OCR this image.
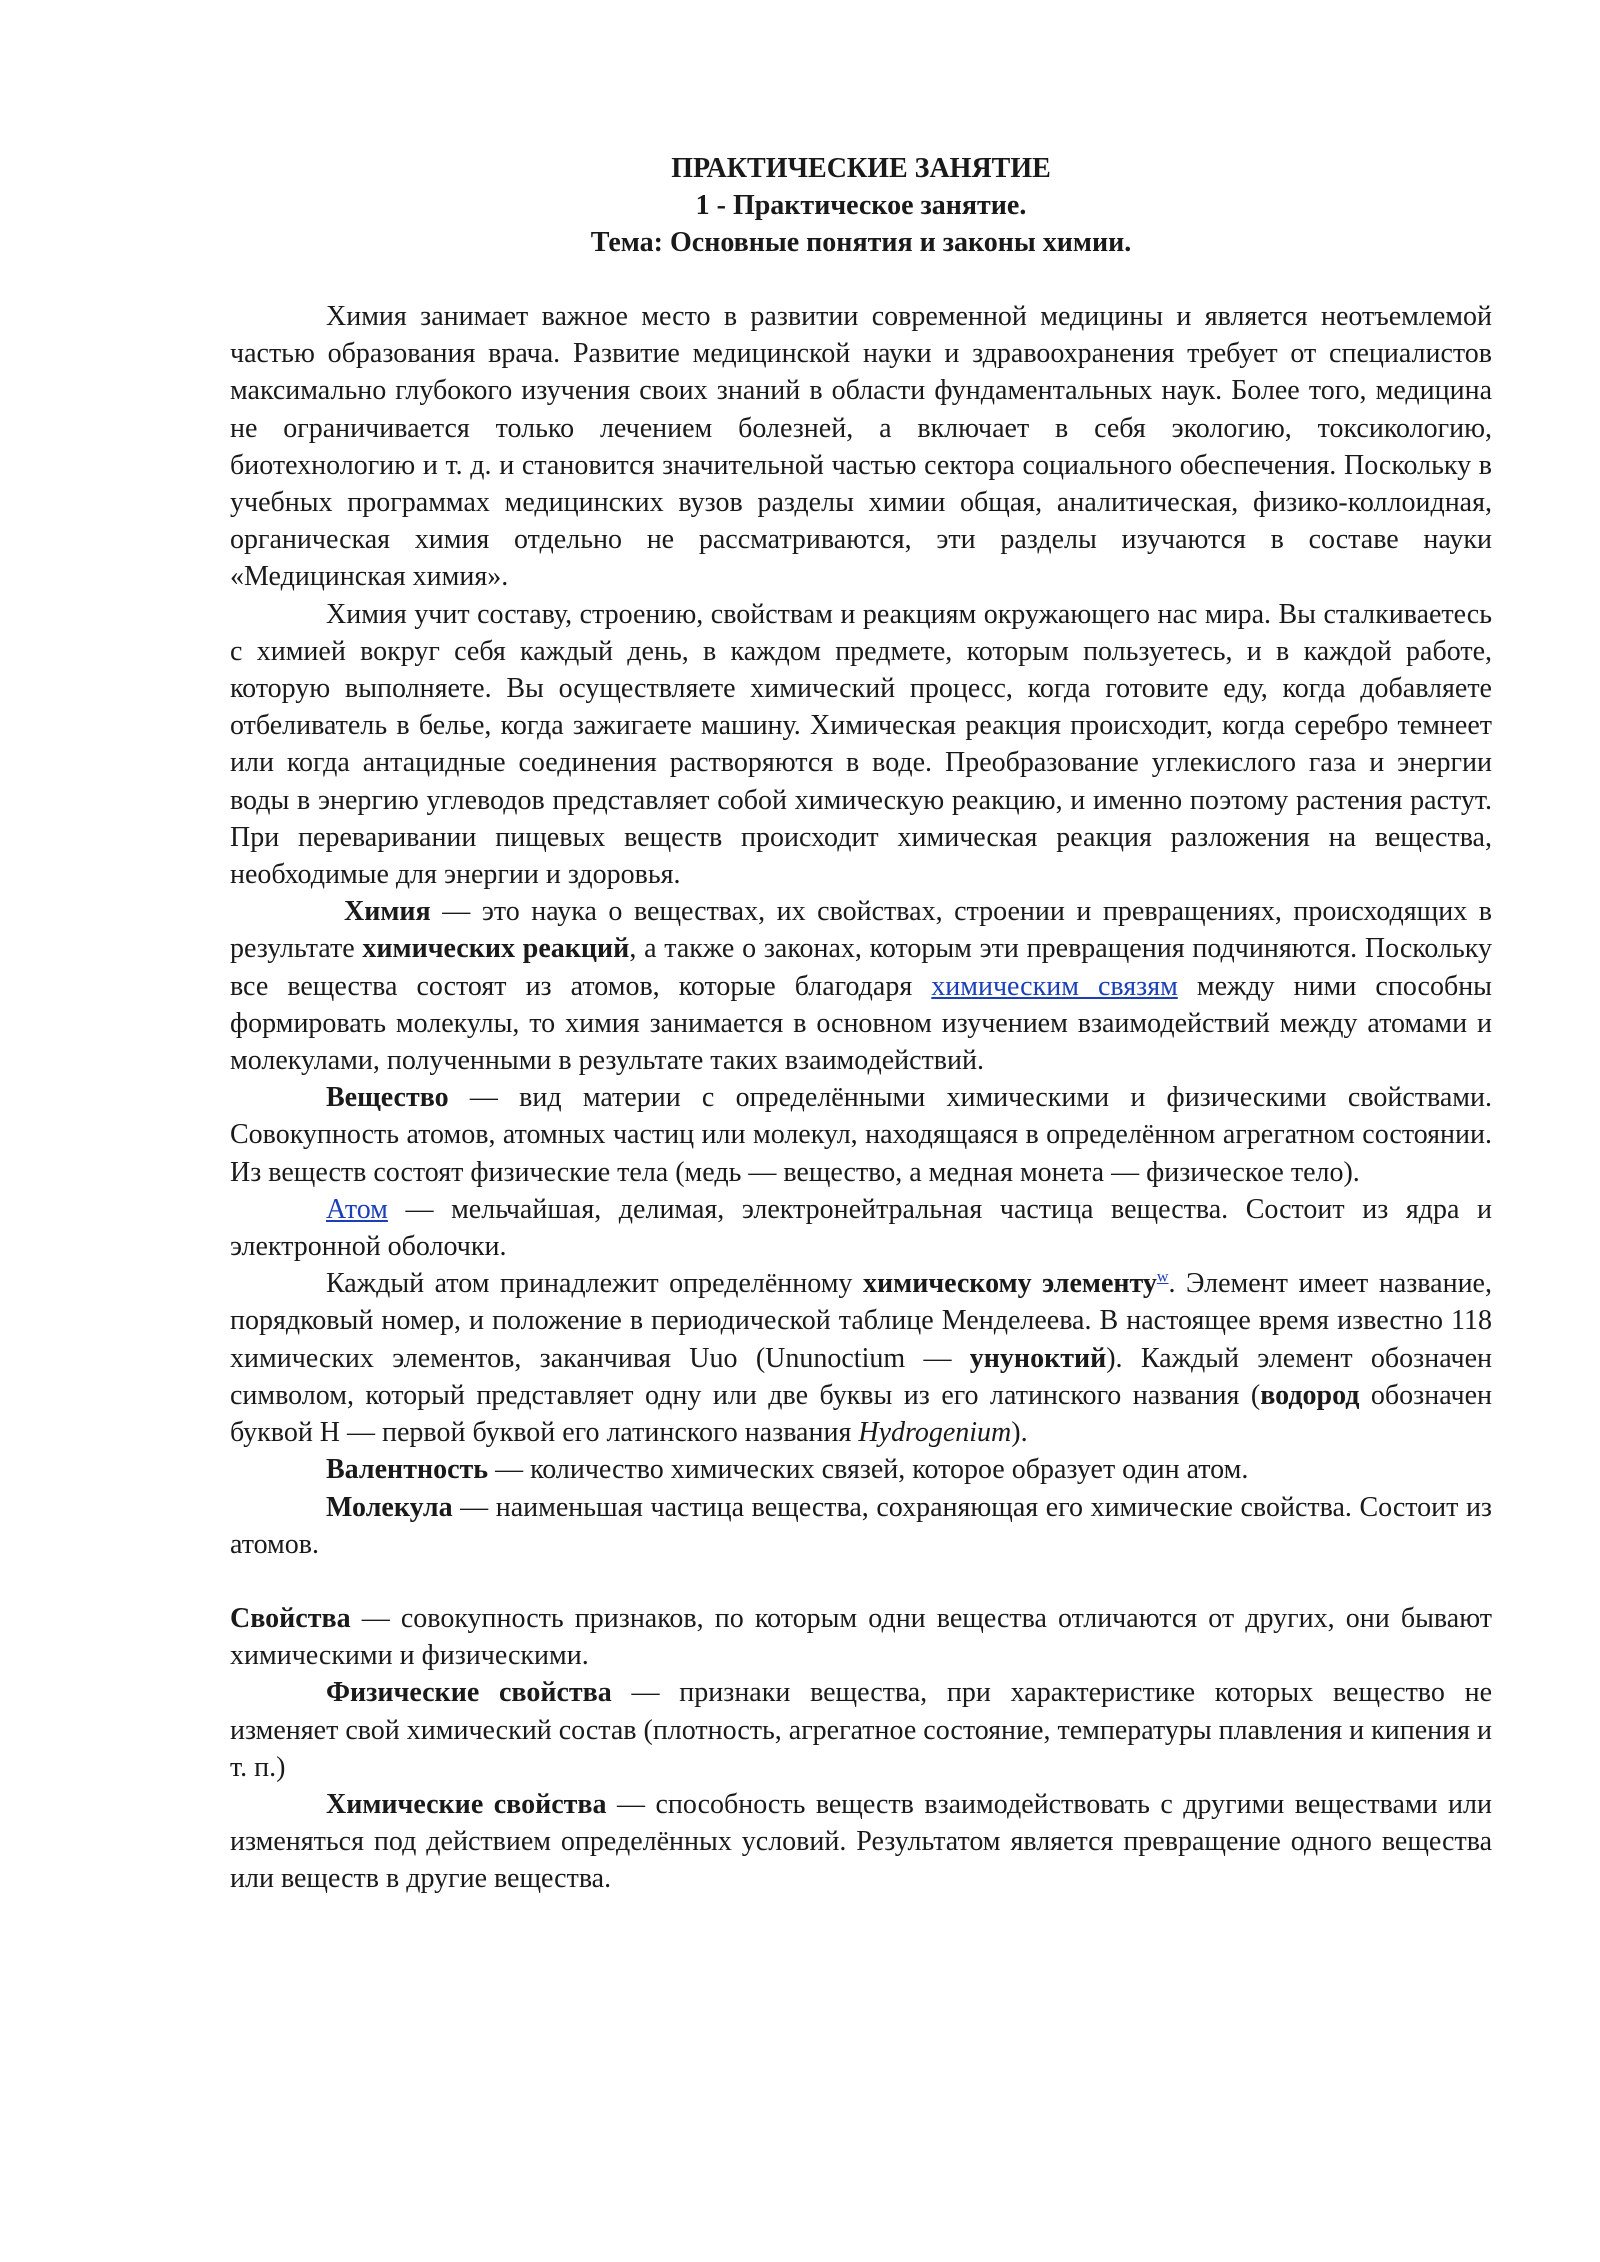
ПРАКТИЧЕСКИЕ ЗАНЯТИЕ

1 - Практическое занятие.

Тема: Основные понятия и законы химии.

Химия занимает важное место в развитии современной медицины и является неотъемлемой частью образования врача. Развитие медицинской науки и здравоохранения требует от специалистов максимально глубокого изучения своих знаний в области фундаментальных наук. Более того, медицина не ограничивается только лечением болезней, а включает в себя экологию, токсикологию, биотехнологию и т. д. и становится значительной частью сектора социального обеспечения. Поскольку в учебных программах медицинских вузов разделы химии общая, аналитическая, физико-коллоидная, органическая химия отдельно не рассматриваются, эти разделы изучаются в составе науки «Медицинская химия».

Химия учит составу, строению, свойствам и реакциям окружающего нас мира. Вы сталкиваетесь с химией вокруг себя каждый день, в каждом предмете, которым пользуетесь, и в каждой работе, которую выполняете. Вы осуществляете химический процесс, когда готовите еду, когда добавляете отбеливатель в белье, когда зажигаете машину. Химическая реакция происходит, когда серебро темнеет или когда антацидные соединения растворяются в воде. Преобразование углекислого газа и энергии воды в энергию углеводов представляет собой химическую реакцию, и именно поэтому растения растут. При переваривании пищевых веществ происходит химическая реакция разложения на вещества, необходимые для энергии и здоровья.

Химия — это наука о веществах, их свойствах, строении и превращениях, происходящих в результате химических реакций, а также о законах, которым эти превращения подчиняются. Поскольку все вещества состоят из атомов, которые благодаря химическим связям между ними способны формировать молекулы, то химия занимается в основном изучением взаимодействий между атомами и молекулами, полученными в результате таких взаимодействий.

Вещество — вид материи с определёнными химическими и физическими свойствами. Совокупность атомов, атомных частиц или молекул, находящаяся в определённом агрегатном состоянии. Из веществ состоят физические тела (медь — вещество, а медная монета — физическое тело).

Атом — мельчайшая, делимая, электронейтральная частица вещества. Состоит из ядра и электронной оболочки.

Каждый атом принадлежит определённому химическому элементу$^w$. Элемент имеет название, порядковый номер, и положение в периодической таблице Менделеева. В настоящее время известно 118 химических элементов, заканчивая Uuo (Ununoctium — унуноктий). Каждый элемент обозначен символом, который представляет одну или две буквы из его латинского названия (водород обозначен буквой H — первой буквой его латинского названия Hydrogenium).

Валентность — количество химических связей, которое образует один атом.

Молекула — наименьшая частица вещества, сохраняющая его химические свойства. Состоит из атомов.

Свойства — совокупность признаков, по которым одни вещества отличаются от других, они бывают химическими и физическими.

Физические свойства — признаки вещества, при характеристике которых вещество не изменяет свой химический состав (плотность, агрегатное состояние, температуры плавления и кипения и т. п.)

Химические свойства — способность веществ взаимодействовать с другими веществами или изменяться под действием определённых условий. Результатом является превращение одного вещества или веществ в другие вещества.
